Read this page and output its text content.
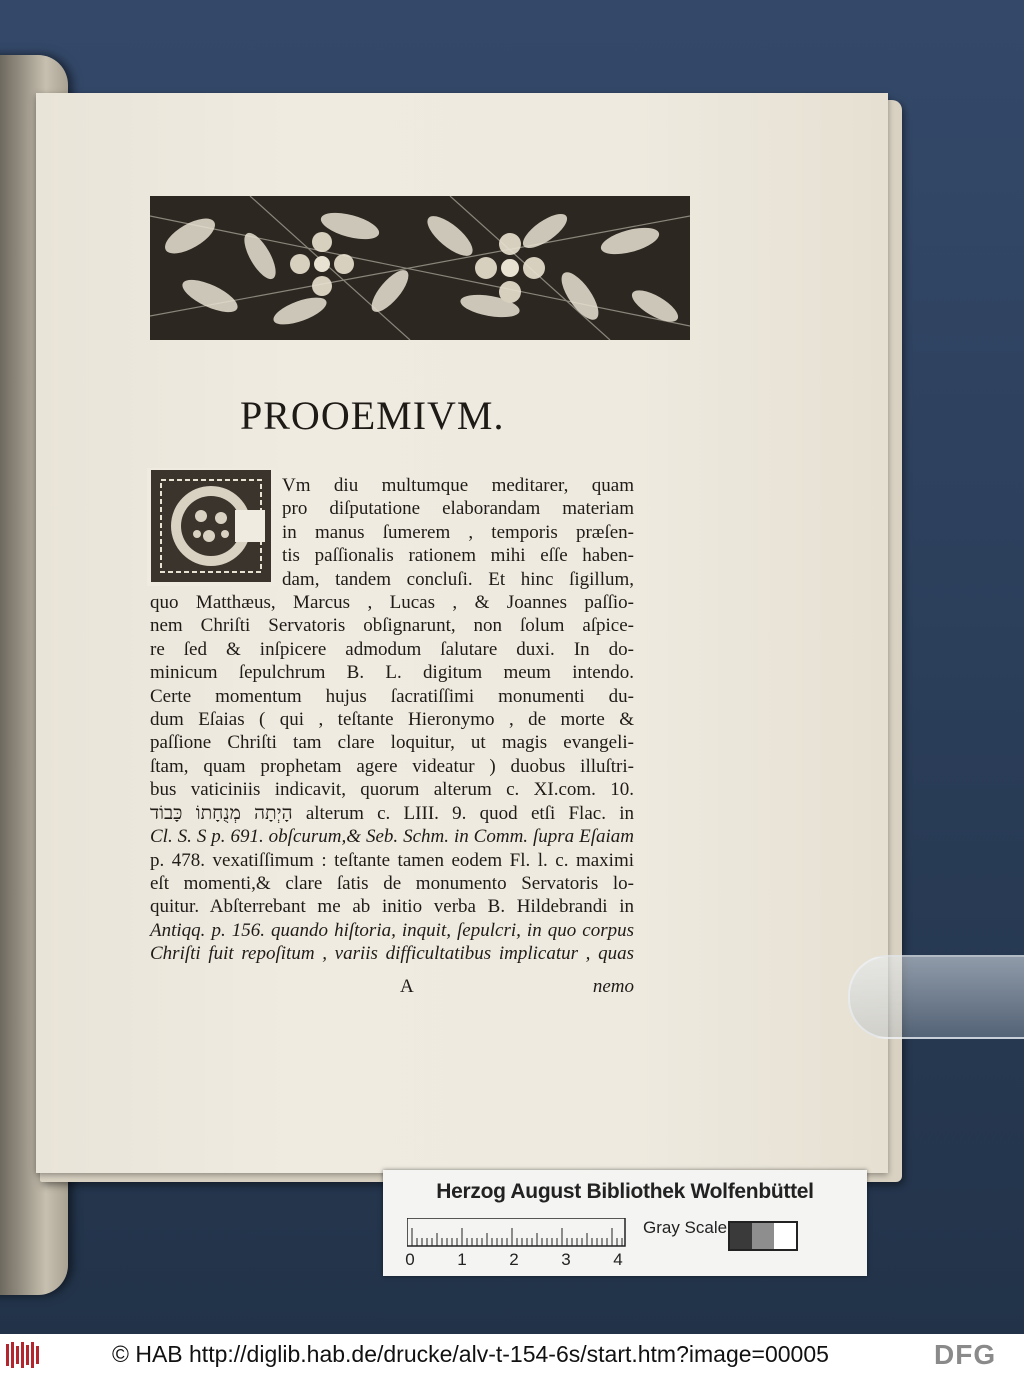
PROOEMIVM.
Vm diu multumque meditarer, quam
pro diſputatione elaborandam materiam
in manus ſumerem , temporis præſen-
tis paſſionalis rationem mihi eſſe haben-
dam, tandem concluſi. Et hinc ſigillum,
quo Matthæus, Marcus , Lucas , & Joannes paſſio-
nem Chriſti Servatoris obſignarunt, non ſolum aſpice-
re ſed & inſpicere admodum ſalutare duxi. In do-
minicum ſepulchrum B. L. digitum meum intendo.
Certe momentum hujus ſacratiſſimi monumenti du-
dum Eſaias ( qui , teſtante Hieronymo , de morte &
paſſione Chriſti tam clare loquitur, ut magis evangeli-
ſtam, quam prophetam agere videatur ) duobus illuſtri-
bus vaticiniis indicavit, quorum alterum c. XI.com. 10.
הָיְתָה מְנֻחָתוֹ כָּבוֹד alterum c. LIII. 9. quod etſi Flac. in
Cl. S. S p. 691. obſcurum,& Seb. Schm. in Comm. ſupra Eſaiam
p. 478. vexatiſſimum : teſtante tamen eodem Fl. l. c. maximi
eſt momenti,& clare ſatis de monumento Servatoris lo-
quitur. Abſterrebant me ab initio verba B. Hildebrandi in
Antiqq. p. 156. quando hiſtoria, inquit, ſepulcri, in quo corpus
Chriſti fuit repoſitum , variis difficultatibus implicatur , quas
A	nemo
Herzog August Bibliothek Wolfenbüttel
0	1	2	3	4
Gray Scale
© HAB http://diglib.hab.de/drucke/alv-t-154-6s/start.htm?image=00005	DFG
